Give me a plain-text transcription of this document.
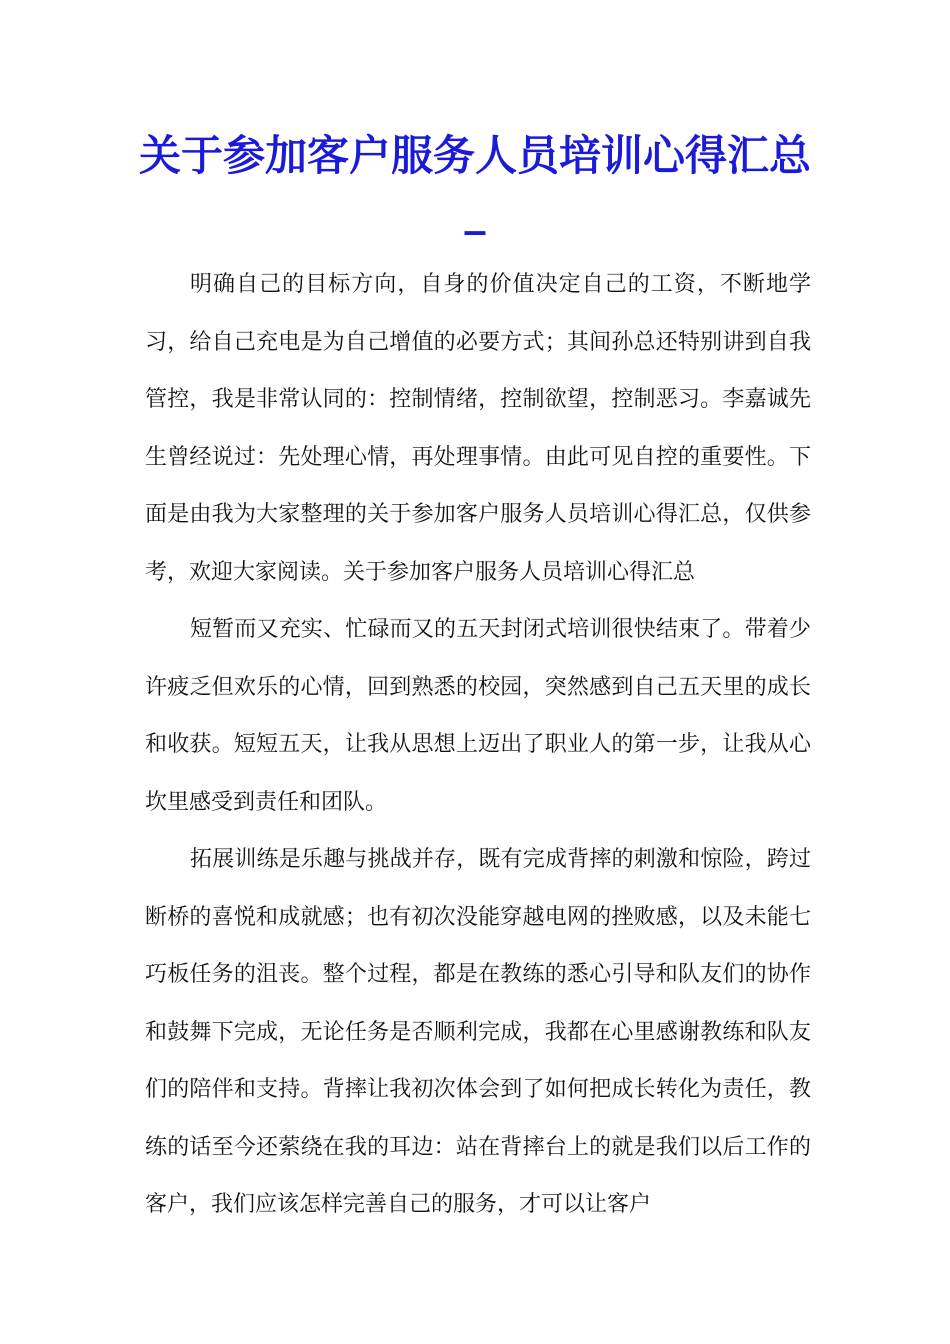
关于参加客户服务人员培训心得汇总_

明确自己的目标方向，自身的价值决定自己的工资，不断地学习，给自己充电是为自己增值的必要方式；其间孙总还特别讲到自我管控，我是非常认同的：控制情绪，控制欲望，控制恶习。李嘉诚先生曾经说过：先处理心情，再处理事情。由此可见自控的重要性。下面是由我为大家整理的关于参加客户服务人员培训心得汇总，仅供参考，欢迎大家阅读。关于参加客户服务人员培训心得汇总

短暂而又充实、忙碌而又的五天封闭式培训很快结束了。带着少许疲乏但欢乐的心情，回到熟悉的校园，突然感到自己五天里的成长和收获。短短五天，让我从思想上迈出了职业人的第一步，让我从心坎里感受到责任和团队。

拓展训练是乐趣与挑战并存，既有完成背摔的刺激和惊险，跨过断桥的喜悦和成就感；也有初次没能穿越电网的挫败感，以及未能七巧板任务的沮丧。整个过程，都是在教练的悉心引导和队友们的协作和鼓舞下完成，无论任务是否顺利完成，我都在心里感谢教练和队友们的陪伴和支持。背摔让我初次体会到了如何把成长转化为责任，教练的话至今还萦绕在我的耳边：站在背摔台上的就是我们以后工作的客户，我们应该怎样完善自己的服务，才可以让客户
